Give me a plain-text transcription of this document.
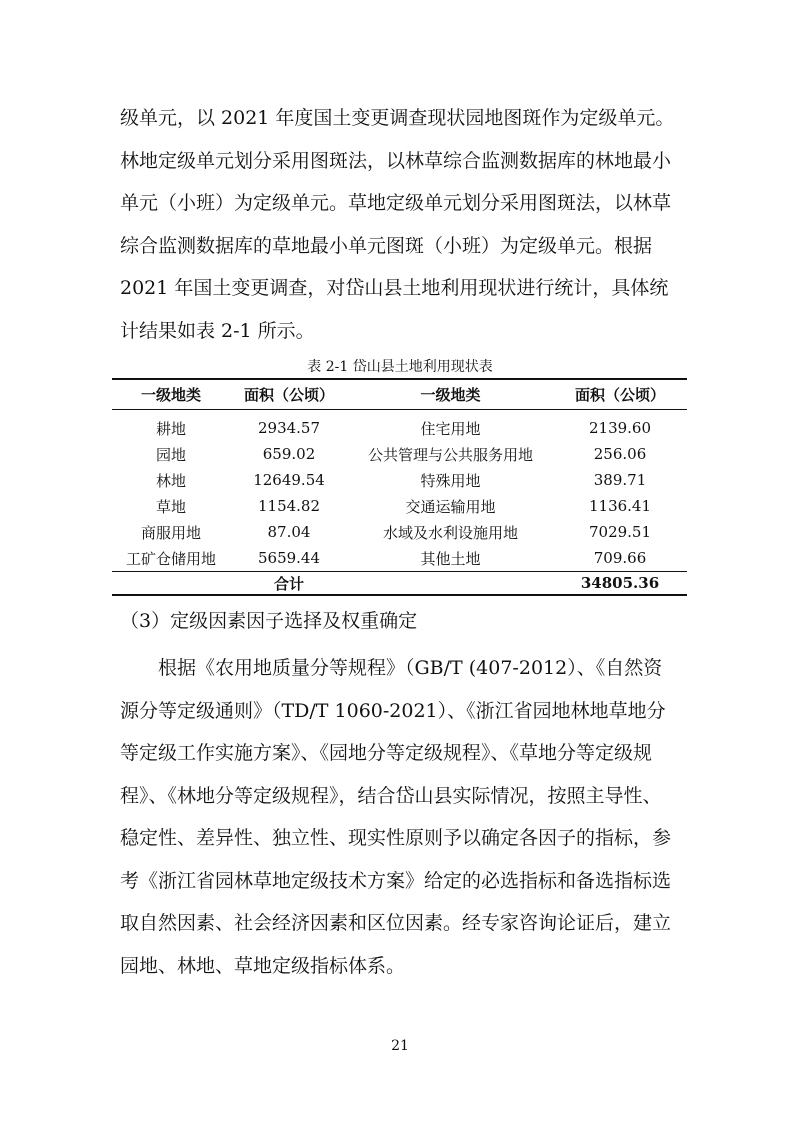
级单元，以 2021 年度国土变更调查现状园地图斑作为定级单元。林地定级单元划分采用图斑法，以林草综合监测数据库的林地最小单元（小班）为定级单元。草地定级单元划分采用图斑法，以林草综合监测数据库的草地最小单元图斑（小班）为定级单元。根据 2021 年国土变更调查，对岱山县土地利用现状进行统计，具体统计结果如表 2-1 所示。

表 2-1 岱山县土地利用现状表

一级地类	面积（公顷）	一级地类	面积（公顷）
耕地	2934.57	住宅用地	2139.60
园地	659.02	公共管理与公共服务用地	256.06
林地	12649.54	特殊用地	389.71
草地	1154.82	交通运输用地	1136.41
商服用地	87.04	水域及水利设施用地	7029.51
工矿仓储用地	5659.44	其他土地	709.66
	合计		34805.36

（3）定级因素因子选择及权重确定

根据《农用地质量分等规程》（GB/T (407-2012）、《自然资源分等定级通则》（TD/T 1060-2021）、《浙江省园地林地草地分等定级工作实施方案》、《园地分等定级规程》、《草地分等定级规程》、《林地分等定级规程》，结合岱山县实际情况，按照主导性、稳定性、差异性、独立性、现实性原则予以确定各因子的指标，参考《浙江省园林草地定级技术方案》给定的必选指标和备选指标选取自然因素、社会经济因素和区位因素。经专家咨询论证后，建立园地、林地、草地定级指标体系。

21
